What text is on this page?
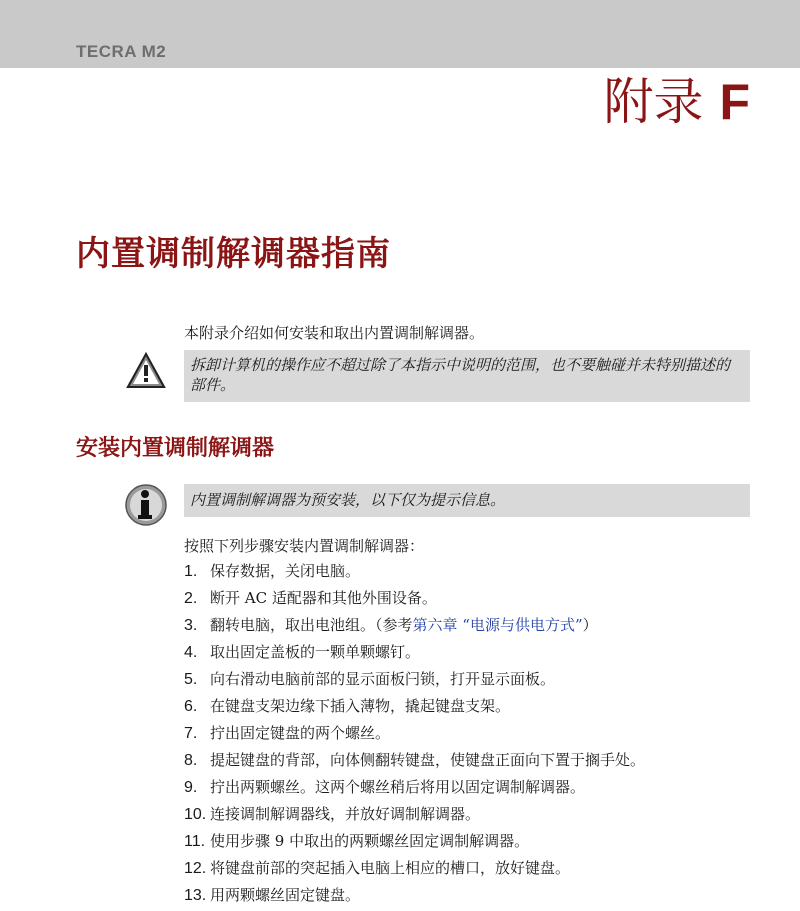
TECRA M2
附录 F
内置调制解调器指南
本附录介绍如何安装和取出内置调制解调器。
拆卸计算机的操作应不超过除了本指示中说明的范围，也不要触碰并未特别描述的部件。
安装内置调制解调器
内置调制解调器为预安装，以下仅为提示信息。
按照下列步骤安装内置调制解调器：
1. 保存数据，关闭电脑。
2. 断开 AC 适配器和其他外围设备。
3. 翻转电脑，取出电池组。（参考第六章 “电源与供电方式”）
4. 取出固定盖板的一颗单颗螺钉。
5. 向右滑动电脑前部的显示面板闩锁，打开显示面板。
6. 在键盘支架边缘下插入薄物，撬起键盘支架。
7. 拧出固定键盘的两个螺丝。
8. 提起键盘的背部，向体侧翻转键盘，使键盘正面向下置于搁手处。
9. 拧出两颗螺丝。这两个螺丝稍后将用以固定调制解调器。
10. 连接调制解调器线，并放好调制解调器。
11. 使用步骤 9 中取出的两颗螺丝固定调制解调器。
12. 将键盘前部的突起插入电脑上相应的槽口，放好键盘。
13. 用两颗螺丝固定键盘。
